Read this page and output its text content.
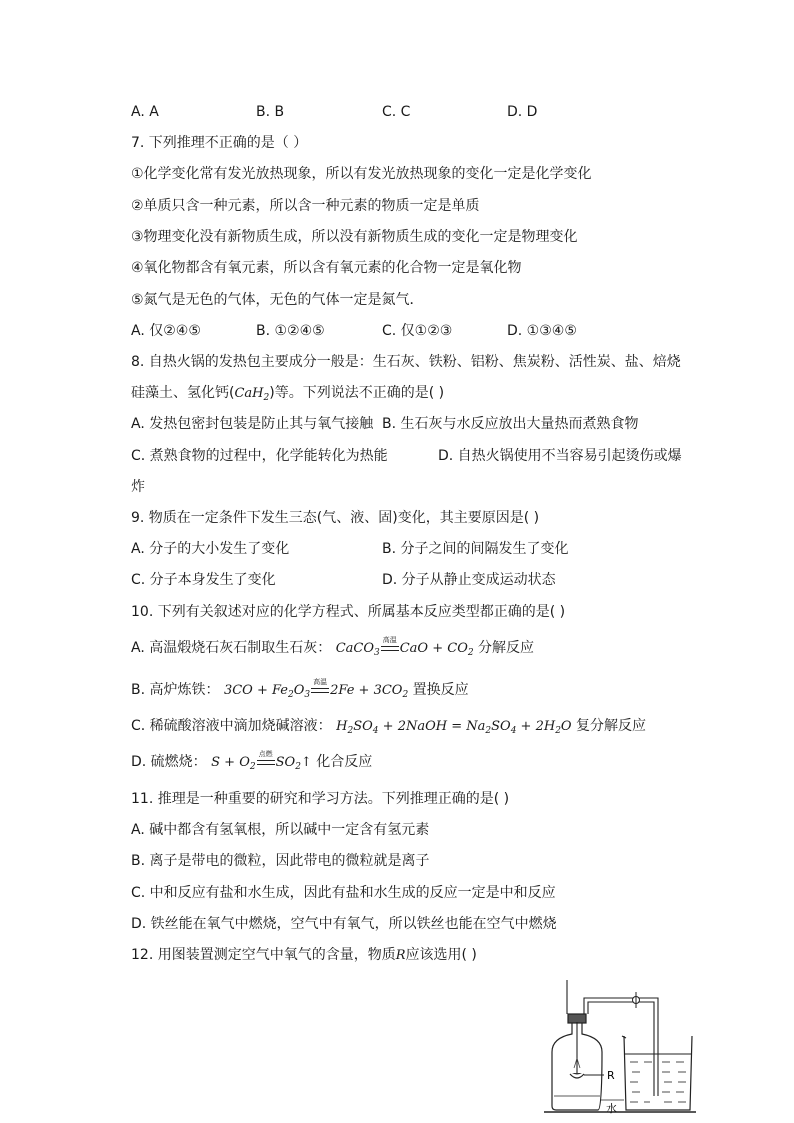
A. A	B. B	C. C	D. D
7. 下列推理不正确的是（ ）
①化学变化常有发光放热现象，所以有发光放热现象的变化一定是化学变化
②单质只含一种元素，所以含一种元素的物质一定是单质
③物理变化没有新物质生成，所以没有新物质生成的变化一定是物理变化
④氧化物都含有氧元素，所以含有氧元素的化合物一定是氧化物
⑤氮气是无色的气体，无色的气体一定是氮气．
A. 仅②④⑤	B. ①②④⑤	C. 仅①②③	D. ①③④⑤
8. 自热火锅的发热包主要成分一般是：生石灰、铁粉、铝粉、焦炭粉、活性炭、盐、焙烧
硅藻土、氢化钙(CaH$_2$)等。下列说法不正确的是( )
A. 发热包密封包装是防止其与氧气接触 B. 生石灰与水反应放出大量热而煮熟食物
C. 煮熟食物的过程中，化学能转化为热能	D. 自热火锅使用不当容易引起烫伤或爆
炸
9. 物质在一定条件下发生三态(气、液、固)变化，其主要原因是( )
A. 分子的大小发生了变化	B. 分子之间的间隔发生了变化
C. 分子本身发生了变化	D. 分子从静止变成运动状态
10. 下列有关叙述对应的化学方程式、所属基本反应类型都正确的是( )
A. 高温煅烧石灰石制取生石灰： CaCO$_3$
高温
CaO + $CO_2$ 分解反应
B. 高炉炼铁： $3CO + Fe_2O_3$
高温
$2Fe + 3CO_2$ 置换反应
C. 稀硫酸溶液中滴加烧碱溶液： $H_2SO_4$ + 2NaOH = $Na_2SO_4 + 2H_2O$ 复分解反应
D. 硫燃烧： $S + O_2$
点燃
$SO_2↑$ 化合反应
11. 推理是一种重要的研究和学习方法。下列推理正确的是( )
A. 碱中都含有氢氧根，所以碱中一定含有氢元素
B. 离子是带电的微粒，因此带电的微粒就是离子
C. 中和反应有盐和水生成，因此有盐和水生成的反应一定是中和反应
D. 铁丝能在氧气中燃烧，空气中有氧气，所以铁丝也能在空气中燃烧
12. 用图装置测定空气中氧气的含量，物质R应该选用( )
R
水
